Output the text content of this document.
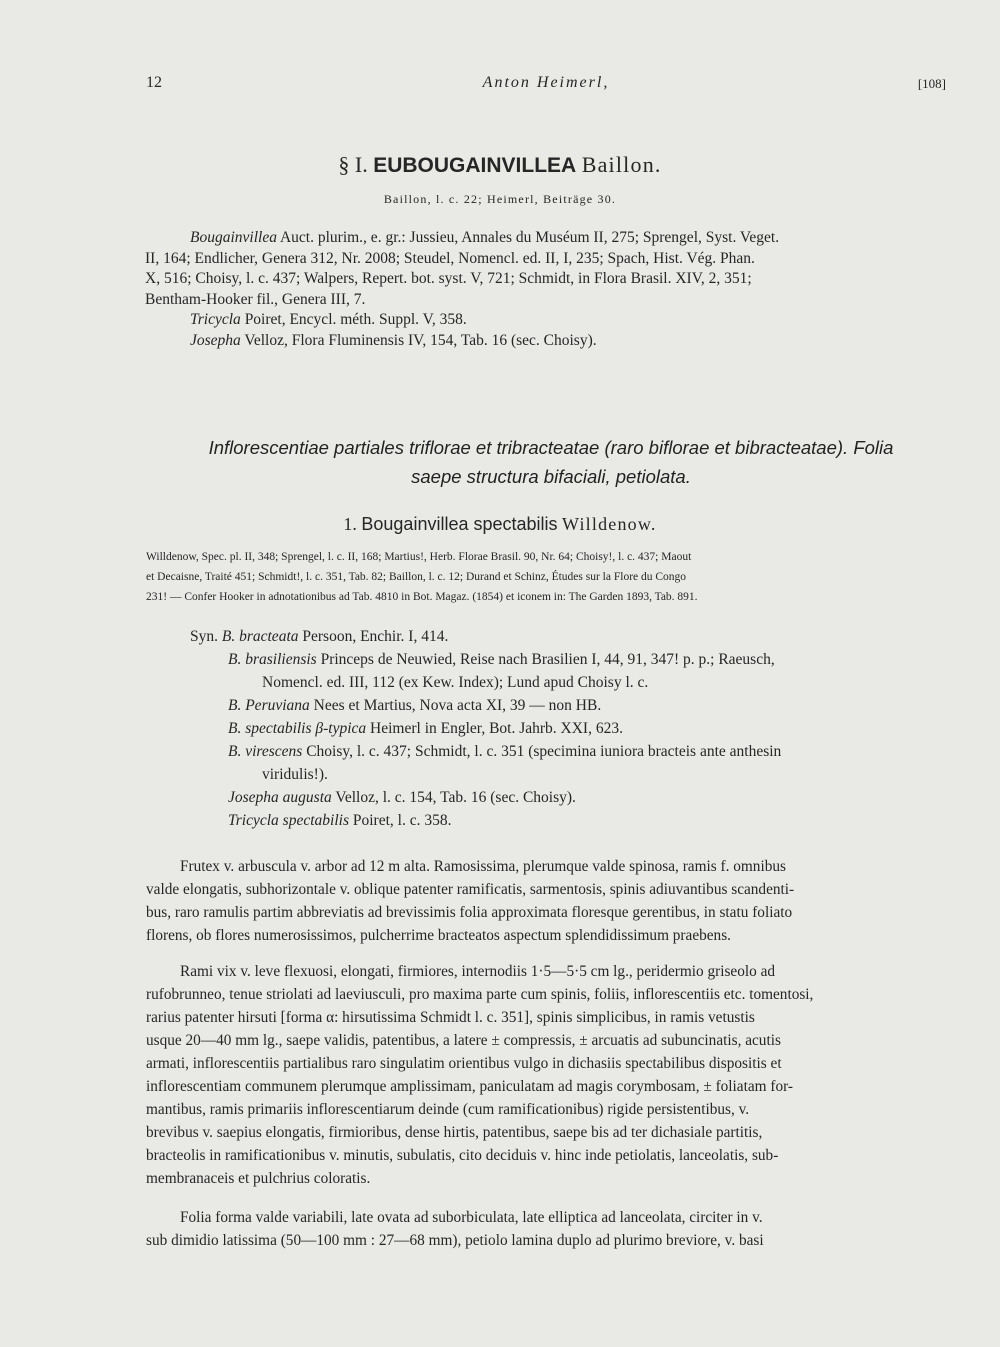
12	Anton Heimerl,	[108]
§ I. EUBOUGAINVILLEA Baillon.
Baillon, l. c. 22; Heimerl, Beiträge 30.

Bougainvillea Auct. plurim., e. gr.: Jussieu, Annales du Muséum II, 275; Sprengel, Syst. Veget.

II, 164; Endlicher, Genera 312, Nr. 2008; Steudel, Nomencl. ed. II, I, 235; Spach, Hist. Vég. Phan.

X, 516; Choisy, l. c. 437; Walpers, Repert. bot. syst. V, 721; Schmidt, in Flora Brasil. XIV, 2, 351;

Bentham-Hooker fil., Genera III, 7.

Tricycla Poiret, Encycl. méth. Suppl. V, 358.

Josepha Velloz, Flora Fluminensis IV, 154, Tab. 16 (sec. Choisy).

Inflorescentiae partiales triflorae et tribracteatae (raro biflorae et bibracteatae). Folia
saepe structura bifaciali, petiolata.
1. Bougainvillea spectabilis Willdenow.

Willdenow, Spec. pl. II, 348; Sprengel, l. c. II, 168; Martius!, Herb. Florae Brasil. 90, Nr. 64; Choisy!, l. c. 437; Maout

et Decaisne, Traité 451; Schmidt!, l. c. 351, Tab. 82; Baillon, l. c. 12; Durand et Schinz, Études sur la Flore du Congo

231! — Confer Hooker in adnotationibus ad Tab. 4810 in Bot. Magaz. (1854) et iconem in: The Garden 1893, Tab. 891.

Syn. B. bracteata Persoon, Enchir. I, 414.

B. brasiliensis Princeps de Neuwied, Reise nach Brasilien I, 44, 91, 347! p. p.; Raeusch,

Nomencl. ed. III, 112 (ex Kew. Index); Lund apud Choisy l. c.

B. Peruviana Nees et Martius, Nova acta XI, 39 — non HB.

B. spectabilis β-typica Heimerl in Engler, Bot. Jahrb. XXI, 623.

B. virescens Choisy, l. c. 437; Schmidt, l. c. 351 (specimina iuniora bracteis ante anthesin

viridulis!).

Josepha augusta Velloz, l. c. 154, Tab. 16 (sec. Choisy).

Tricycla spectabilis Poiret, l. c. 358.

Frutex v. arbuscula v. arbor ad 12 m alta. Ramosissima, plerumque valde spinosa, ramis f. omnibus

valde elongatis, subhorizontale v. oblique patenter ramificatis, sarmentosis, spinis adiuvantibus scandenti-

bus, raro ramulis partim abbreviatis ad brevissimis folia approximata floresque gerentibus, in statu foliato

florens, ob flores numerosissimos, pulcherrime bracteatos aspectum splendidissimum praebens.

Rami vix v. leve flexuosi, elongati, firmiores, internodiis 1·5—5·5 cm lg., peridermio griseolo ad

rufobrunneo, tenue striolati ad laeviusculi, pro maxima parte cum spinis, foliis, inflorescentiis etc. tomentosi,

rarius patenter hirsuti [forma α: hirsutissima Schmidt l. c. 351], spinis simplicibus, in ramis vetustis

usque 20—40 mm lg., saepe validis, patentibus, a latere ± compressis, ± arcuatis ad subuncinatis, acutis

armati, inflorescentiis partialibus raro singulatim orientibus vulgo in dichasiis spectabilibus dispositis et

inflorescentiam communem plerumque amplissimam, paniculatam ad magis corymbosam, ± foliatam for-

mantibus, ramis primariis inflorescentiarum deinde (cum ramificationibus) rigide persistentibus, v.

brevibus v. saepius elongatis, firmioribus, dense hirtis, patentibus, saepe bis ad ter dichasiale partitis,

bracteolis in ramificationibus v. minutis, subulatis, cito deciduis v. hinc inde petiolatis, lanceolatis, sub-

membranaceis et pulchrius coloratis.

Folia forma valde variabili, late ovata ad suborbiculata, late elliptica ad lanceolata, circiter in v.

sub dimidio latissima (50—100 mm : 27—68 mm), petiolo lamina duplo ad plurimo breviore, v. basi
